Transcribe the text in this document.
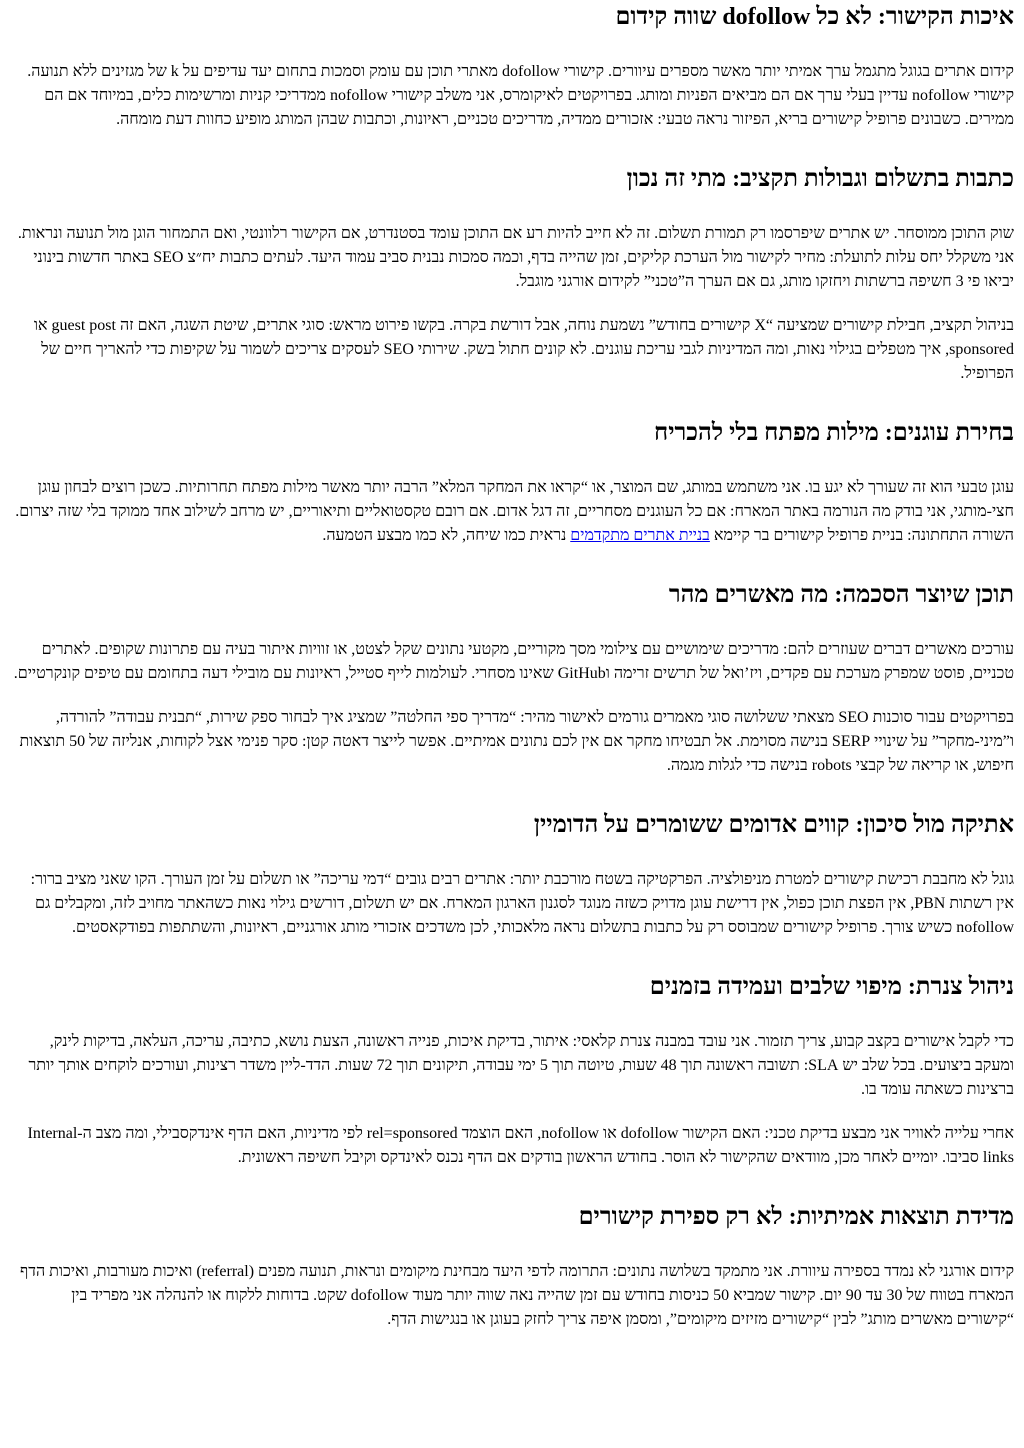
איכות הקישור: לא כל dofollow שווה קידום

קידום אתרים בגוגל מתגמל ערך אמיתי יותר מאשר מספרים עיוורים. קישורי dofollow מאתרי תוכן עם עומק וסמכות בתחום יעד עדיפים על k של מגזינים ללא תנועה. קישורי nofollow עדיין בעלי ערך אם הם מביאים הפניות ומותג. בפרויקטים לאיקומרס, אני משלב קישורי nofollow ממדריכי קניות ומרשימות כלים, במיוחד אם הם ממירים. כשבונים פרופיל קישורים בריא, הפיזור נראה טבעי: אזכורים ממדיה, מדריכים טכניים, ראיונות, וכתבות שבהן המותג מופיע כחוות דעת מומחה.

כתבות בתשלום וגבולות תקציב: מתי זה נכון

שוק התוכן ממוסחר. יש אתרים שיפרסמו רק תמורת תשלום. זה לא חייב להיות רע אם התוכן עומד בסטנדרט, אם הקישור רלוונטי, ואם התמחור הוגן מול תנועה ונראות. אני משקלל יחס עלות לתועלת: מחיר לקישור מול הערכת קליקים, זמן שהייה בדף, וכמה סמכות נבנית סביב עמוד היעד. לעתים כתבות יח״צ SEO באתר חדשות בינוני יביאו פי 3 חשיפה ברשתות ויחזקו מותג, גם אם הערך ה”טכני” לקידום אורגני מוגבל.

בניהול תקציב, חבילת קישורים שמציעה “X קישורים בחודש” נשמעת נוחה, אבל דורשת בקרה. בקשו פירוט מראש: סוגי אתרים, שיטת השגה, האם זה guest post או sponsored, איך מטפלים בגילוי נאות, ומה המדיניות לגבי עריכת עוגנים. לא קונים חתול בשק. שירותי SEO לעסקים צריכים לשמור על שקיפות כדי להאריך חיים של הפרופיל.

בחירת עוגנים: מילות מפתח בלי להכריח

עוגן טבעי הוא זה שעורך לא יגע בו. אני משתמש במותג, שם המוצר, או “קראו את המחקר המלא” הרבה יותר מאשר מילות מפתח תחרותיות. כשכן רוצים לבחון עוגן חצי-מותגי, אני בודק מה הנורמה באתר המארח: אם כל העוגנים מסחריים, זה דגל אדום. אם רובם טקסטואליים ותיאוריים, יש מרחב לשילוב אחד ממוקד בלי שזה יצרום. השורה התחתונה: בניית פרופיל קישורים בר קיימא בניית אתרים מתקדמים נראית כמו שיחה, לא כמו מבצע הטמעה.

תוכן שיוצר הסכמה: מה מאשרים מהר

עורכים מאשרים דברים שעוזרים להם: מדריכים שימושיים עם צילומי מסך מקוריים, מקטעי נתונים שקל לצטט, או זוויות איתור בעיה עם פתרונות שקופים. לאתרים טכניים, פוסט שמפרק מערכת עם פקדים, ויז’ואל של תרשים זרימה וGitHub שאינו מסחרי. לעולמות לייף סטייל, ראיונות עם מובילי דעה בתחומם עם טיפים קונקרטיים.

בפרויקטים עבור סוכנות SEO מצאתי ששלושה סוגי מאמרים גורמים לאישור מהיר: “מדריך ספי החלטה” שמציג איך לבחור ספק שירות, “תבנית עבודה” להורדה, ו”מיני-מחקר” על שינויי SERP בנישה מסוימת. אל תבטיחו מחקר אם אין לכם נתונים אמיתיים. אפשר לייצר דאטה קטן: סקר פנימי אצל לקוחות, אנליזה של 50 תוצאות חיפוש, או קריאה של קבצי robots בנישה כדי לגלות מגמה.

אתיקה מול סיכון: קווים אדומים ששומרים על הדומיין

גוגל לא מחבבת רכישת קישורים למטרת מניפולציה. הפרקטיקה בשטח מורכבת יותר: אתרים רבים גובים “דמי עריכה” או תשלום על זמן העורך. הקו שאני מציב ברור: אין רשתות PBN, אין הפצת תוכן כפול, אין דרישת עוגן מדויק כשזה מנוגד לסגנון הארגון המארח. אם יש תשלום, דורשים גילוי נאות כשהאתר מחויב לזה, ומקבלים גם nofollow כשיש צורך. פרופיל קישורים שמבוסס רק על כתבות בתשלום נראה מלאכותי, לכן משדכים אזכורי מותג אורגניים, ראיונות, והשתתפות בפודקאסטים.

ניהול צנרת: מיפוי שלבים ועמידה בזמנים

כדי לקבל אישורים בקצב קבוע, צריך תזמור. אני עובד במבנה צנרת קלאסי: איתור, בדיקת איכות, פנייה ראשונה, הצעת נושא, כתיבה, עריכה, העלאה, בדיקות לינק, ומעקב ביצועים. בכל שלב יש SLA: תשובה ראשונה תוך 48 שעות, טיוטה תוך 5 ימי עבודה, תיקונים תוך 72 שעות. הדד-ליין משדר רצינות, ועורכים לוקחים אותך יותר ברצינות כשאתה עומד בו.

אחרי עלייה לאוויר אני מבצע בדיקת טכני: האם הקישור dofollow או nofollow, האם הוצמד rel=sponsored לפי מדיניות, האם הדף אינדקסבילי, ומה מצב ה-Internal links סביבו. יומיים לאחר מכן, מוודאים שהקישור לא הוסר. בחודש הראשון בודקים אם הדף נכנס לאינדקס וקיבל חשיפה ראשונית.

מדידת תוצאות אמיתיות: לא רק ספירת קישורים

קידום אורגני לא נמדד בספירה עיוורת. אני מתמקד בשלושה נתונים: התרומה לדפי היעד מבחינת מיקומים ונראות, תנועה מפנים (referral) ואיכות מעורבות, ואיכות הדף המארח בטווח של 30 עד 90 יום. קישור שמביא 50 כניסות בחודש עם זמן שהייה נאה שווה יותר מעוד dofollow שקט. בדוחות ללקוח או להנהלה אני מפריד בין “קישורים מאשרים מותג” לבין “קישורים מזיזים מיקומים”, ומסמן איפה צריך לחזק בעוגן או בנגישות הדף.
